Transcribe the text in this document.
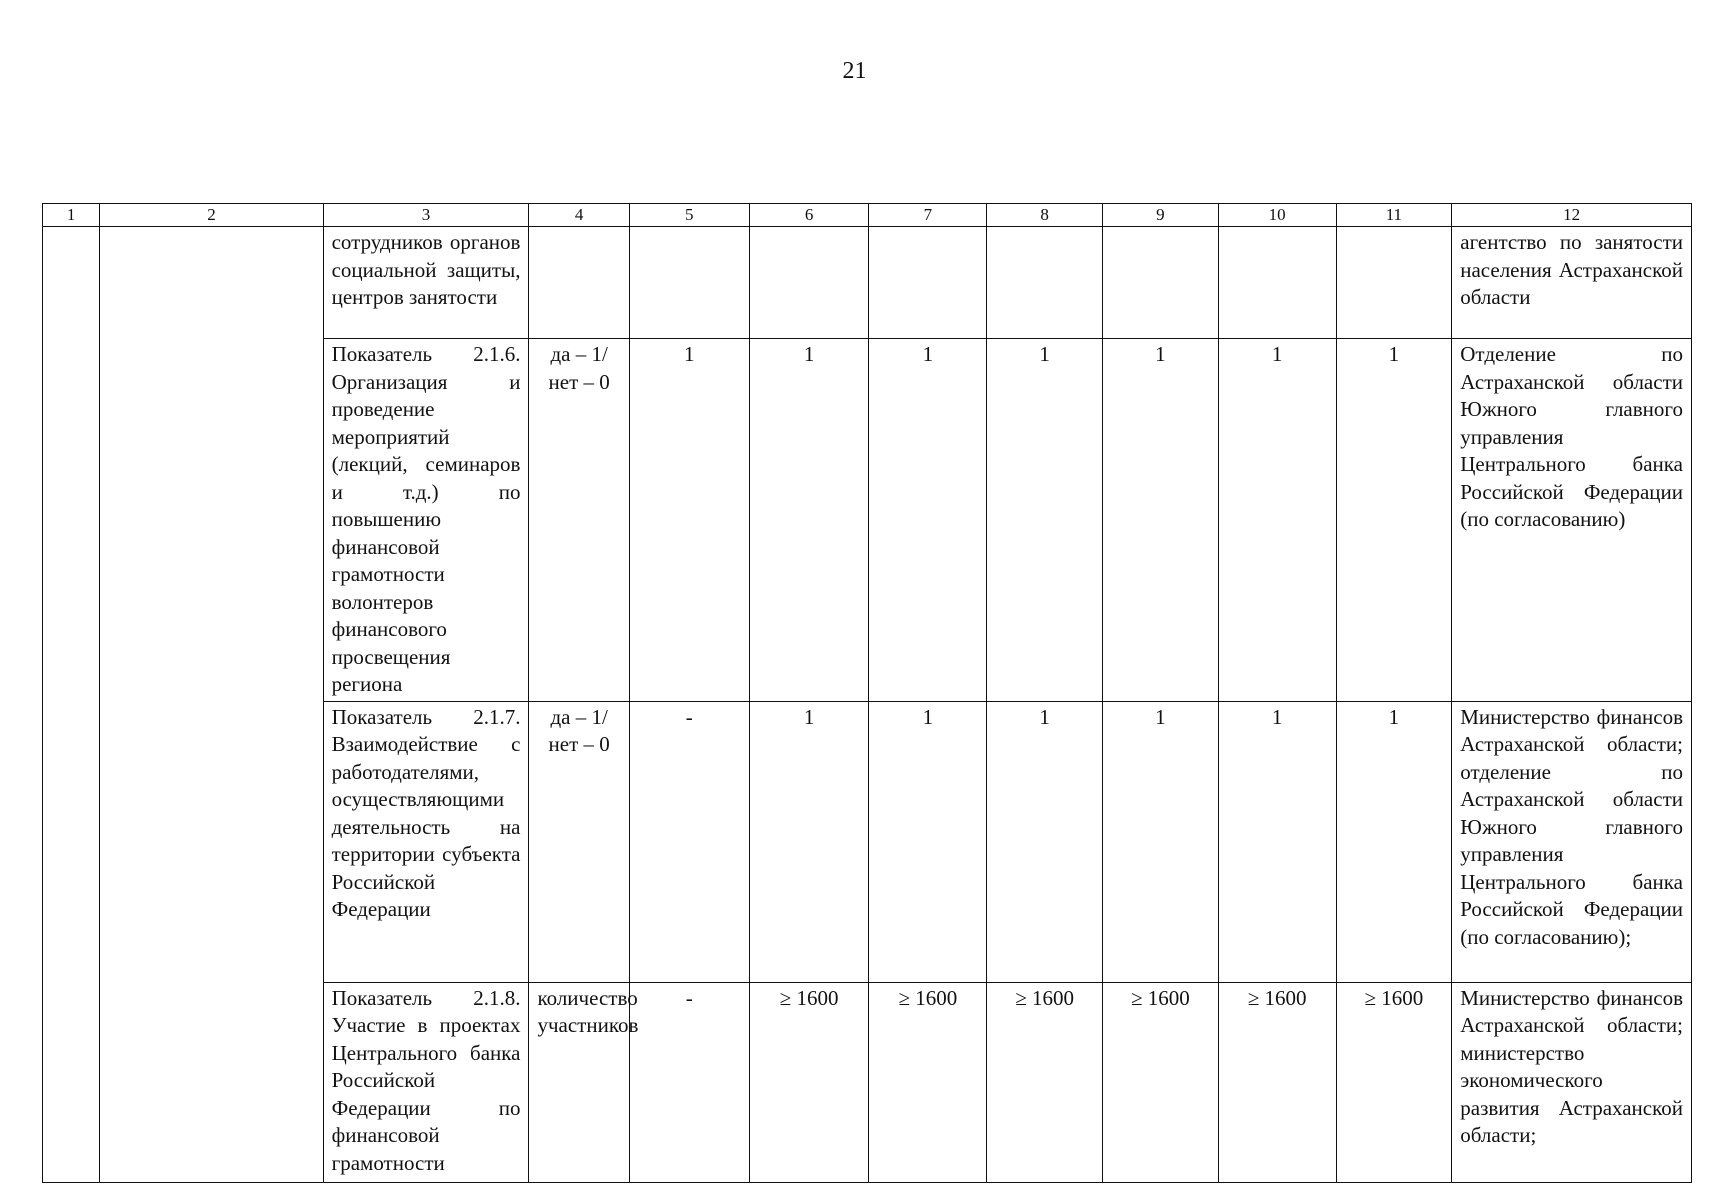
21
1	2	3	4	5	6	7	8	9	10	11	12
		сотрудников органов социальной защиты, центров занятости									агентство по занятости населения Астраханской области
		Показатель 2.1.6. Организация и проведение мероприятий (лекций, семинаров и т.д.) по повышению финансовой грамотности волонтеров финансового просвещения региона	да – 1/ нет – 0	1	1	1	1	1	1	1	Отделение по Астраханской области Южного главного управления Центрального банка Российской Федерации (по согласованию)
		Показатель 2.1.7. Взаимодействие с работодателями, осуществляющими деятельность на территории субъекта Российской Федерации	да – 1/ нет – 0	-	1	1	1	1	1	1	Министерство финансов Астраханской области; отделение по Астраханской области Южного главного управления Центрального банка Российской Федерации (по согласованию);
		Показатель 2.1.8. Участие в проектах Центрального банка Российской Федерации по финансовой грамотности	количество участников	-	≥ 1600	≥ 1600	≥ 1600	≥ 1600	≥ 1600	≥ 1600	Министерство финансов Астраханской области; министерство экономического развития Астраханской области;
